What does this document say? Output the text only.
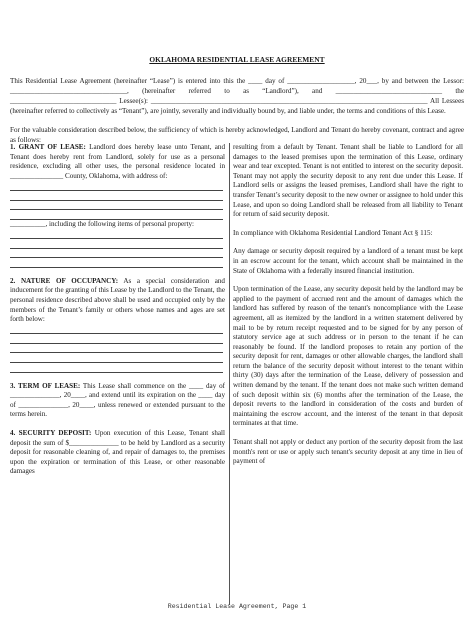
OKLAHOMA RESIDENTIAL LEASE AGREEMENT

This Residential Lease Agreement (hereinafter “Lease”) is entered into this the ____ day of ___________________, 20___, by and between the Lessor: _________________________________, (hereinafter referred to as “Landlord”), and ______________________________ the ______________________________ Lessee(s): ______________________________________________________________________________ All Lessees (hereinafter referred to collectively as “Tenant”), are jointly, severally and individually bound by, and liable under, the terms and conditions of this Lease.

For the valuable consideration described below, the sufficiency of which is hereby acknowledged, Landlord and Tenant do hereby covenant, contract and agree as follows:

1. GRANT OF LEASE: Landlord does hereby lease unto Tenant, and Tenant does hereby rent from Landlord, solely for use as a personal residence, excluding all other uses, the personal residence located in _______________ County, Oklahoma, with address of:

__________, including the following items of personal property:

2. NATURE OF OCCUPANCY: As a special consideration and inducement for the granting of this Lease by the Landlord to the Tenant, the personal residence described above shall be used and occupied only by the members of the Tenant’s family or others whose names and ages are set forth below:

3. TERM OF LEASE: This Lease shall commence on the ____ day of ______________, 20____, and extend until its expiration on the ____ day of ______________, 20____, unless renewed or extended pursuant to the terms herein.

4. SECURITY DEPOSIT: Upon execution of this Lease, Tenant shall deposit the sum of $______________ to be held by Landlord as a security deposit for reasonable cleaning of, and repair of damages to, the premises upon the expiration or termination of this Lease, or other reasonable damages

resulting from a default by Tenant. Tenant shall be liable to Landlord for all damages to the leased premises upon the termination of this Lease, ordinary wear and tear excepted. Tenant is not entitled to interest on the security deposit. Tenant may not apply the security deposit to any rent due under this Lease. If Landlord sells or assigns the leased premises, Landlord shall have the right to transfer Tenant’s security deposit to the new owner or assignee to hold under this Lease, and upon so doing Landlord shall be released from all liability to Tenant for return of said security deposit.

In compliance with Oklahoma Residential Landlord Tenant Act § 115:

Any damage or security deposit required by a landlord of a tenant must be kept in an escrow account for the tenant, which account shall be maintained in the State of Oklahoma with a federally insured financial institution.

Upon termination of the Lease, any security deposit held by the landlord may be applied to the payment of accrued rent and the amount of damages which the landlord has suffered by reason of the tenant's noncompliance with the Lease agreement, all as itemized by the landlord in a written statement delivered by mail to be by return receipt requested and to be signed for by any person of statutory service age at such address or in person to the tenant if he can reasonably be found. If the landlord proposes to retain any portion of the security deposit for rent, damages or other allowable charges, the landlord shall return the balance of the security deposit without interest to the tenant within thirty (30) days after the termination of the Lease, delivery of possession and written demand by the tenant. If the tenant does not make such written demand of such deposit within six (6) months after the termination of the Lease, the deposit reverts to the landlord in consideration of the costs and burden of maintaining the escrow account, and the interest of the tenant in that deposit terminates at that time.

Tenant shall not apply or deduct any portion of the security deposit from the last month's rent or use or apply such tenant's security deposit at any time in lieu of payment of

Residential Lease Agreement, Page 1
